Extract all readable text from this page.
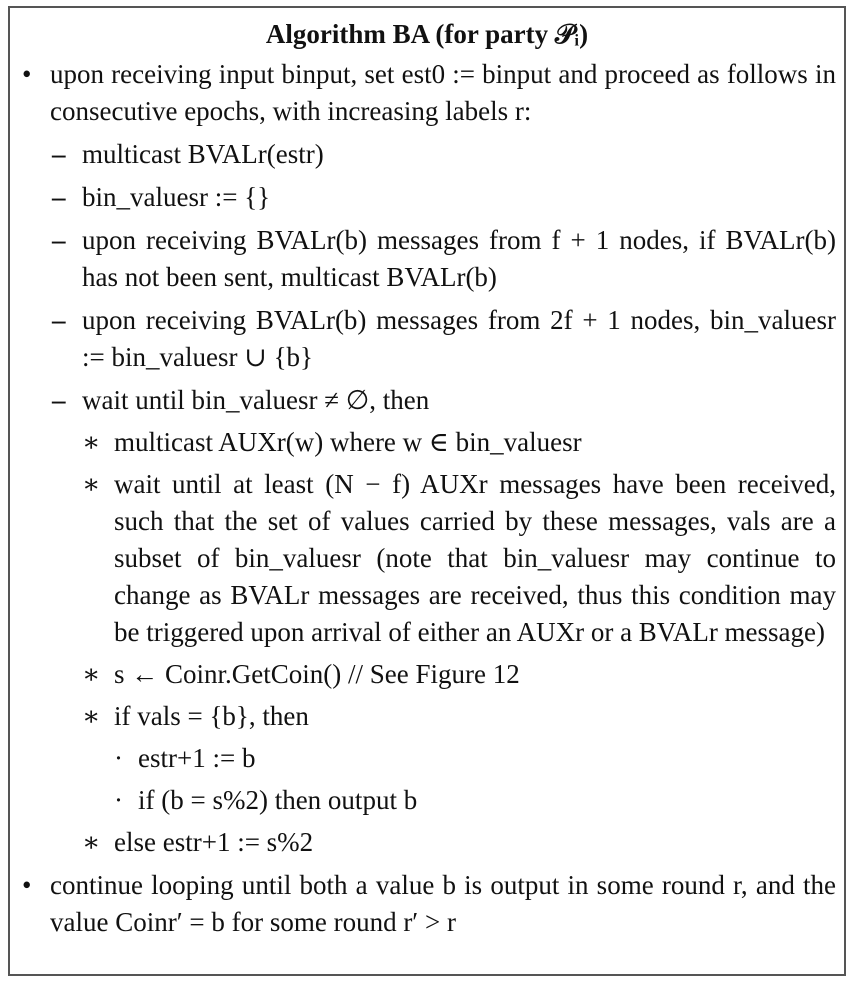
Algorithm BA (for party 𝒫ᵢ)
• upon receiving input binput, set est0 := binput and proceed as follows in consecutive epochs, with increasing labels r:
– multicast BVALr(estr)
– bin_valuesr := {}
– upon receiving BVALr(b) messages from f + 1 nodes, if BVALr(b) has not been sent, multicast BVALr(b)
– upon receiving BVALr(b) messages from 2f + 1 nodes, bin_valuesr := bin_valuesr ∪ {b}
– wait until bin_valuesr ≠ ∅, then
∗ multicast AUXr(w) where w ∈ bin_valuesr
∗ wait until at least (N − f) AUXr messages have been received, such that the set of values carried by these messages, vals are a subset of bin_valuesr (note that bin_valuesr may continue to change as BVALr messages are received, thus this condition may be triggered upon arrival of either an AUXr or a BVALr message)
∗ s ← Coinr.GetCoin() // See Figure 12
∗ if vals = {b}, then
· estr+1 := b
· if (b = s%2) then output b
∗ else estr+1 := s%2
• continue looping until both a value b is output in some round r, and the value Coinr′ = b for some round r′ > r
